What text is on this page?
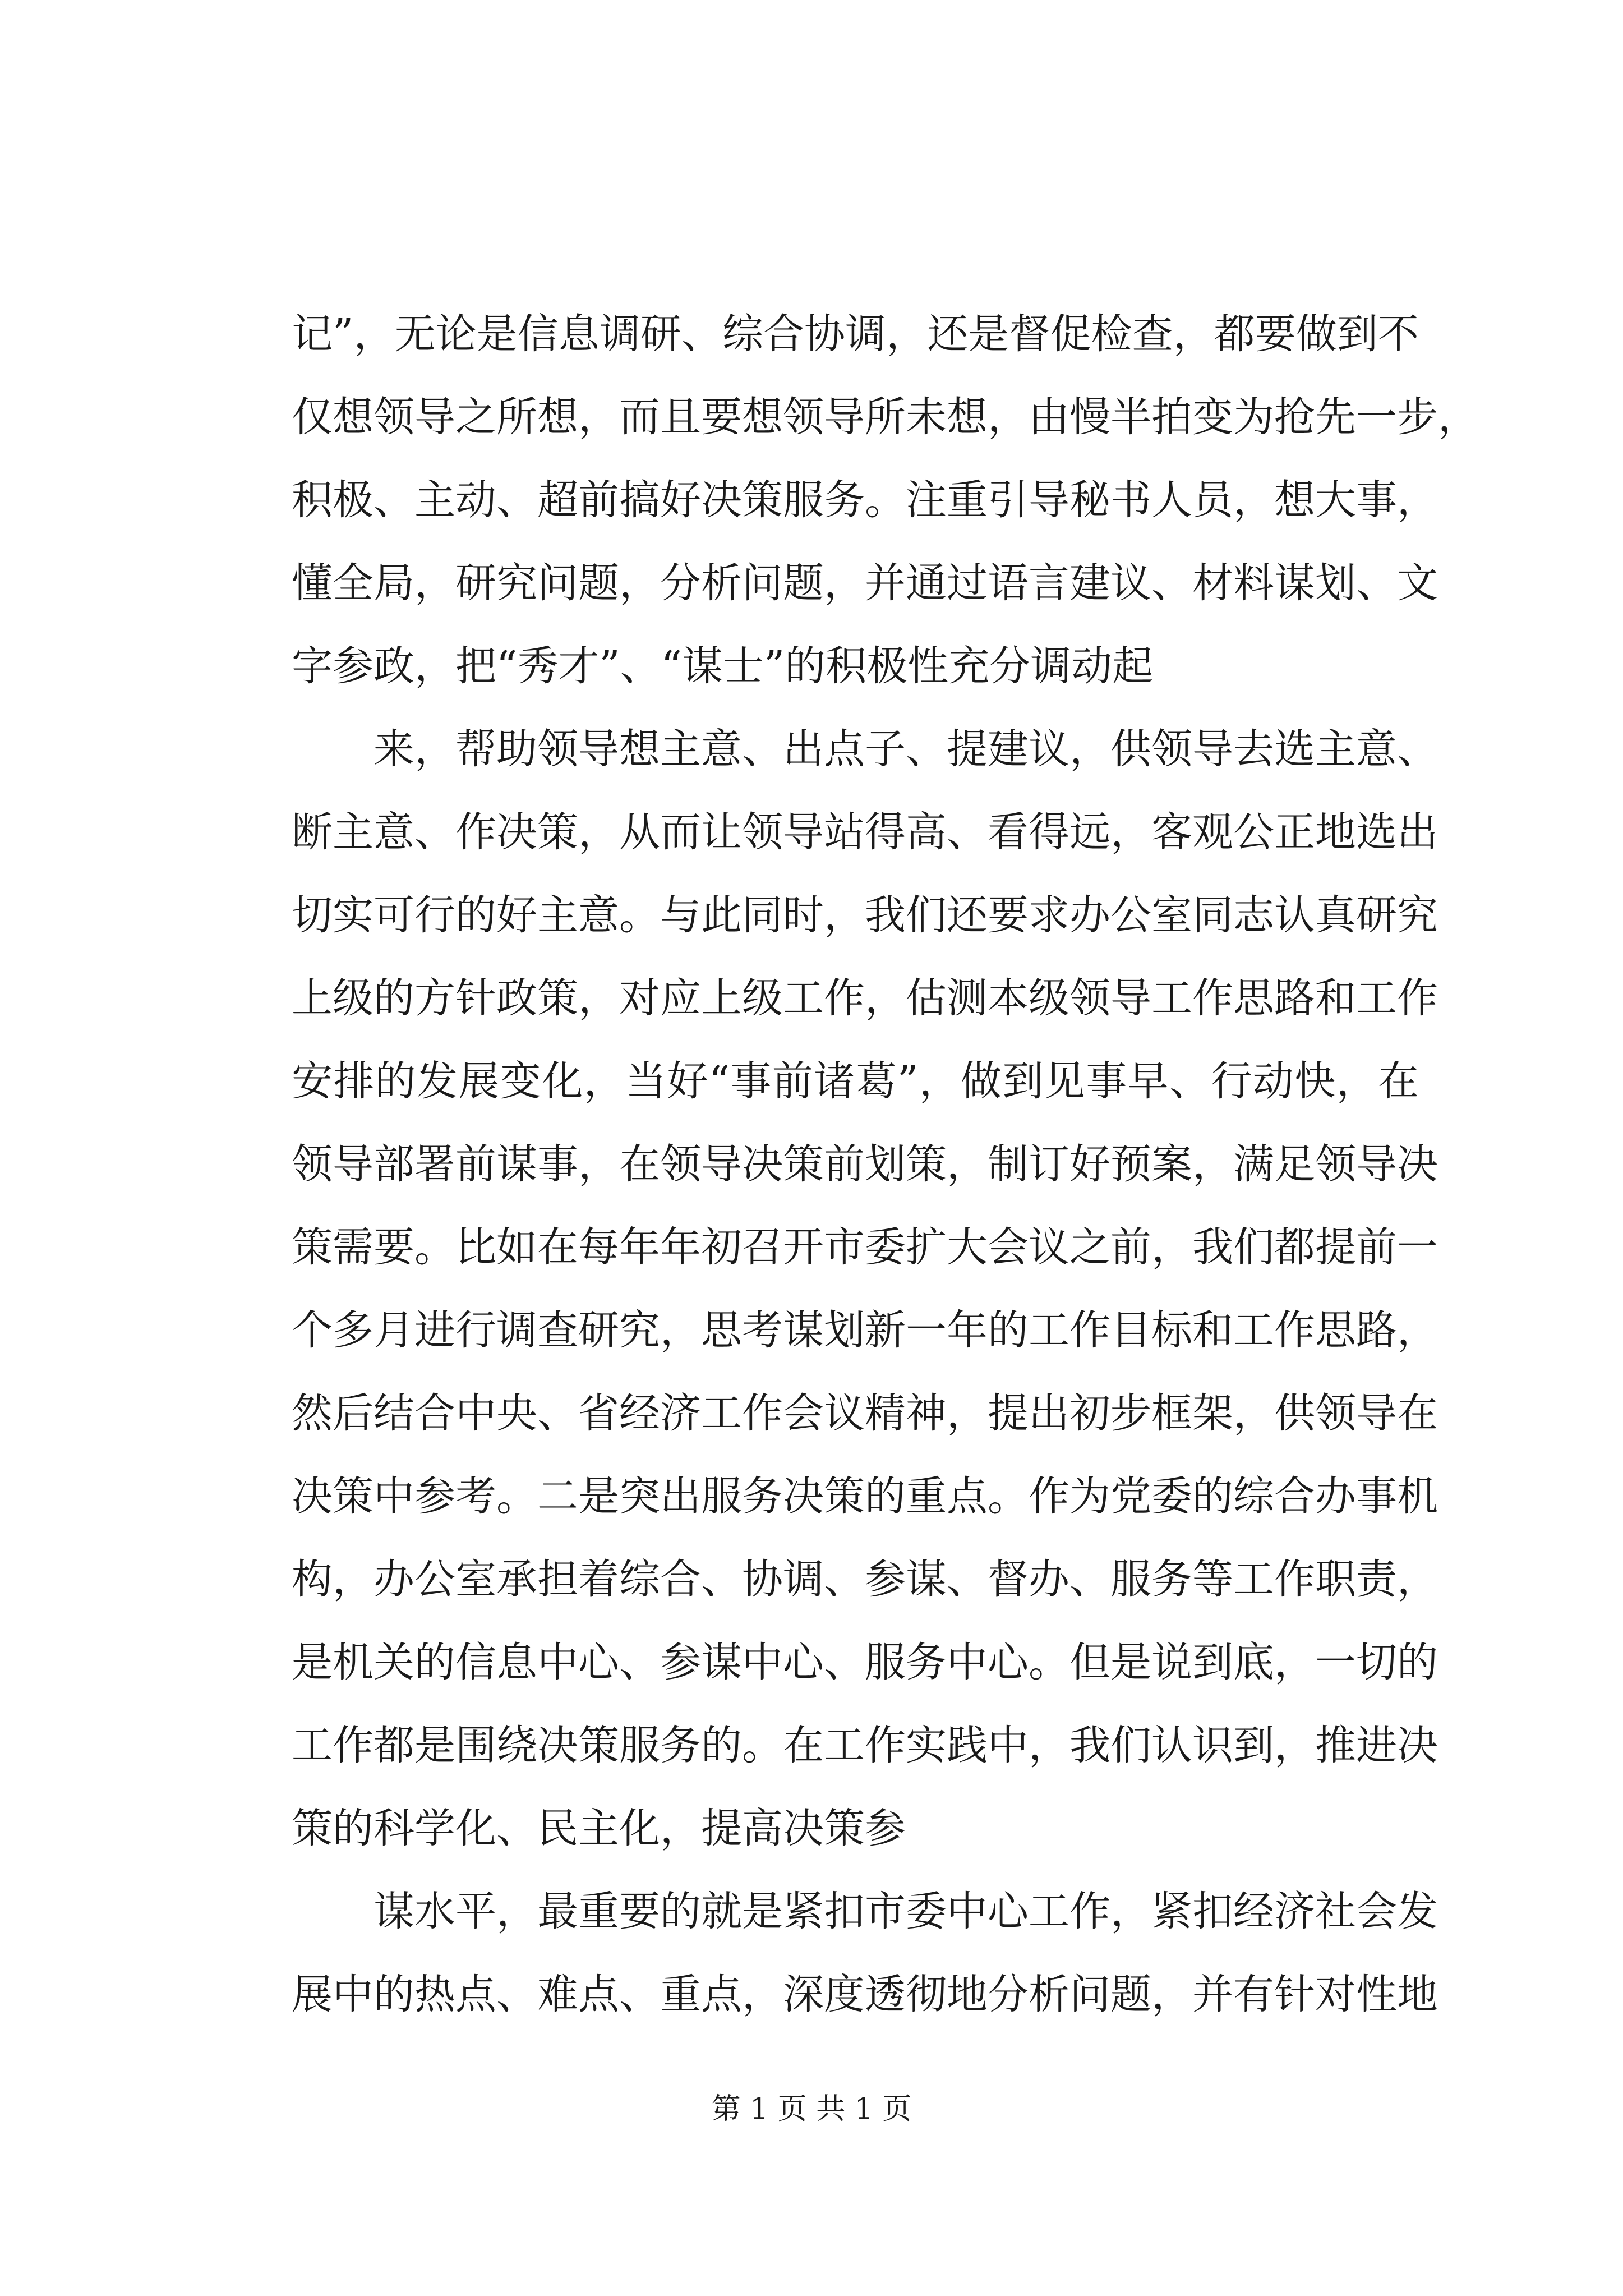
记”，无论是信息调研、综合协调，还是督促检查，都要做到不
仅想领导之所想，而且要想领导所未想，由慢半拍变为抢先一步，
积极、主动、超前搞好决策服务。注重引导秘书人员，想大事，
懂全局，研究问题，分析问题，并通过语言建议、材料谋划、文
字参政，把“秀才”、“谋士”的积极性充分调动起
来，帮助领导想主意、出点子、提建议，供领导去选主意、
断主意、作决策，从而让领导站得高、看得远，客观公正地选出
切实可行的好主意。与此同时，我们还要求办公室同志认真研究
上级的方针政策，对应上级工作，估测本级领导工作思路和工作
安排的发展变化，当好“事前诸葛”，做到见事早、行动快，在
领导部署前谋事，在领导决策前划策，制订好预案，满足领导决
策需要。比如在每年年初召开市委扩大会议之前，我们都提前一
个多月进行调查研究，思考谋划新一年的工作目标和工作思路，
然后结合中央、省经济工作会议精神，提出初步框架，供领导在
决策中参考。二是突出服务决策的重点。作为党委的综合办事机
构，办公室承担着综合、协调、参谋、督办、服务等工作职责，
是机关的信息中心、参谋中心、服务中心。但是说到底，一切的
工作都是围绕决策服务的。在工作实践中，我们认识到，推进决
策的科学化、民主化，提高决策参
谋水平，最重要的就是紧扣市委中心工作，紧扣经济社会发
展中的热点、难点、重点，深度透彻地分析问题，并有针对性地
第 1 页 共 1 页
